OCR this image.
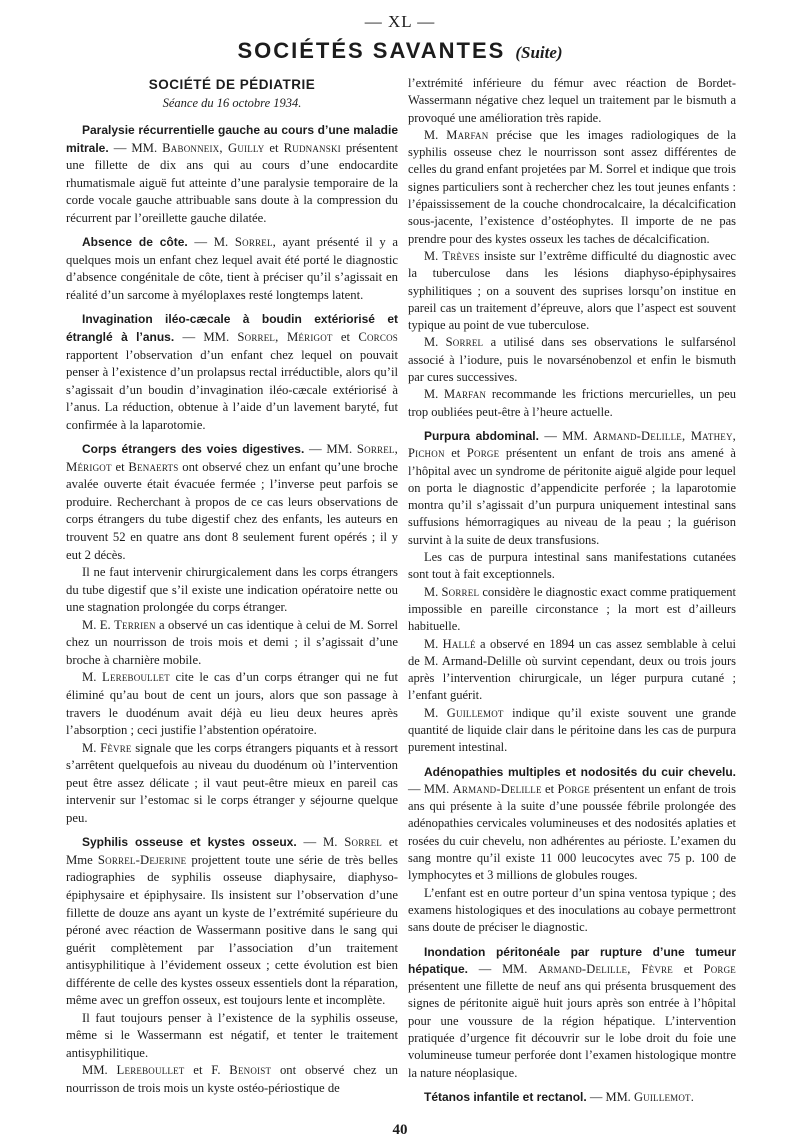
— XL —
SOCIÉTÉS SAVANTES (Suite)
SOCIÉTÉ DE PÉDIATRIE
Séance du 16 octobre 1934.

Paralysie récurrentielle gauche au cours d’une maladie mitrale. — MM. Babonneix, Guilly et Rudnanski présentent une fillette de dix ans qui au cours d’une endocardite rhumatismale aiguë fut atteinte d’une paralysie temporaire de la corde vocale gauche attribuable sans doute à la compression du récurrent par l’oreillette gauche dilatée.

Absence de côte. — M. Sorrel, ayant présenté il y a quelques mois un enfant chez lequel avait été porté le diagnostic d’absence congénitale de côte, tient à préciser qu’il s’agissait en réalité d’un sarcome à myéloplaxes resté longtemps latent.

Invagination iléo-cæcale à boudin extériorisé et étranglé à l’anus. — MM. Sorrel, Mérigot et Corcos rapportent l’observation d’un enfant chez lequel on pouvait penser à l’existence d’un prolapsus rectal irréductible, alors qu’il s’agissait d’un boudin d’invagination iléo-cæcale extériorisé à l’anus. La réduction, obtenue à l’aide d’un lavement baryté, fut confirmée à la laparotomie.

Corps étrangers des voies digestives. — MM. Sorrel, Mérigot et Benaerts ont observé chez un enfant qu’une broche avalée ouverte était évacuée fermée ; l’inverse peut parfois se produire. Recherchant à propos de ce cas leurs observations de corps étrangers du tube digestif chez des enfants, les auteurs en trouvent 52 en quatre ans dont 8 seulement furent opérés ; il y eut 2 décès.

Il ne faut intervenir chirurgicalement dans les corps étrangers du tube digestif que s’il existe une indication opératoire nette ou une stagnation prolongée du corps étranger.

M. E. Terrien a observé un cas identique à celui de M. Sorrel chez un nourrisson de trois mois et demi ; il s’agissait d’une broche à charnière mobile.

M. Lereboullet cite le cas d’un corps étranger qui ne fut éliminé qu’au bout de cent un jours, alors que son passage à travers le duodénum avait déjà eu lieu deux heures après l’absorption ; ceci justifie l’abstention opératoire.

M. Fèvre signale que les corps étrangers piquants et à ressort s’arrêtent quelquefois au niveau du duodénum où l’intervention peut être assez délicate ; il vaut peut-être mieux en pareil cas intervenir sur l’estomac si le corps étranger y séjourne quelque peu.

Syphilis osseuse et kystes osseux. — M. Sorrel et Mme Sorrel-Dejerine projettent toute une série de très belles radiographies de syphilis osseuse diaphysaire, diaphyso-épiphysaire et épiphysaire. Ils insistent sur l’observation d’une fillette de douze ans ayant un kyste de l’extrémité supérieure du péroné avec réaction de Wassermann positive dans le sang qui guérit complètement par l’association d’un traitement antisyphilitique à l’évidement osseux ; cette évolution est bien différente de celle des kystes osseux essentiels dont la réparation, même avec un greffon osseux, est toujours lente et incomplète.

Il faut toujours penser à l’existence de la syphilis osseuse, même si le Wassermann est négatif, et tenter le traitement antisyphilitique.

MM. Lereboullet et F. Benoist ont observé chez un nourrisson de trois mois un kyste ostéo-périostique de

l’extrémité inférieure du fémur avec réaction de Bordet-Wassermann négative chez lequel un traitement par le bismuth a provoqué une amélioration très rapide.

M. Marfan précise que les images radiologiques de la syphilis osseuse chez le nourrisson sont assez différentes de celles du grand enfant projetées par M. Sorrel et indique que trois signes particuliers sont à rechercher chez les tout jeunes enfants : l’épaississement de la couche chondrocalcaire, la décalcification sous-jacente, l’existence d’ostéophytes. Il importe de ne pas prendre pour des kystes osseux les taches de décalcification.

M. Trèves insiste sur l’extrême difficulté du diagnostic avec la tuberculose dans les lésions diaphyso-épiphysaires syphilitiques ; on a souvent des suprises lorsqu’on institue en pareil cas un traitement d’épreuve, alors que l’aspect est souvent typique au point de vue tuberculose.

M. Sorrel a utilisé dans ses observations le sulfarsénol associé à l’iodure, puis le novarsénobenzol et enfin le bismuth par cures successives.

M. Marfan recommande les frictions mercurielles, un peu trop oubliées peut-être à l’heure actuelle.

Purpura abdominal. — MM. Armand-Delille, Mathey, Pichon et Porge présentent un enfant de trois ans amené à l’hôpital avec un syndrome de péritonite aiguë algide pour lequel on porta le diagnostic d’appendicite perforée ; la laparotomie montra qu’il s’agissait d’un purpura uniquement intestinal sans suffusions hémorragiques au niveau de la peau ; la guérison survint à la suite de deux transfusions.

Les cas de purpura intestinal sans manifestations cutanées sont tout à fait exceptionnels.

M. Sorrel considère le diagnostic exact comme pratiquement impossible en pareille circonstance ; la mort est d’ailleurs habituelle.

M. Hallé a observé en 1894 un cas assez semblable à celui de M. Armand-Delille où survint cependant, deux ou trois jours après l’intervention chirurgicale, un léger purpura cutané ; l’enfant guérit.

M. Guillemot indique qu’il existe souvent une grande quantité de liquide clair dans le péritoine dans les cas de purpura purement intestinal.

Adénopathies multiples et nodosités du cuir chevelu. — MM. Armand-Delille et Porge présentent un enfant de trois ans qui présente à la suite d’une poussée fébrile prolongée des adénopathies cervicales volumineuses et des nodosités aplaties et rosées du cuir chevelu, non adhérentes au périoste. L’examen du sang montre qu’il existe 11 000 leucocytes avec 75 p. 100 de lymphocytes et 3 millions de globules rouges.

L’enfant est en outre porteur d’un spina ventosa typique ; des examens histologiques et des inoculations au cobaye permettront sans doute de préciser le diagnostic.

Inondation péritonéale par rupture d’une tumeur hépatique. — MM. Armand-Delille, Fèvre et Porge présentent une fillette de neuf ans qui présenta brusquement des signes de péritonite aiguë huit jours après son entrée à l’hôpital pour une voussure de la région hépatique. L’intervention pratiquée d’urgence fit découvrir sur le lobe droit du foie une volumineuse tumeur perforée dont l’examen histologique montre la nature néoplasique.

Tétanos infantile et rectanol. — MM. Guillemot.

40
